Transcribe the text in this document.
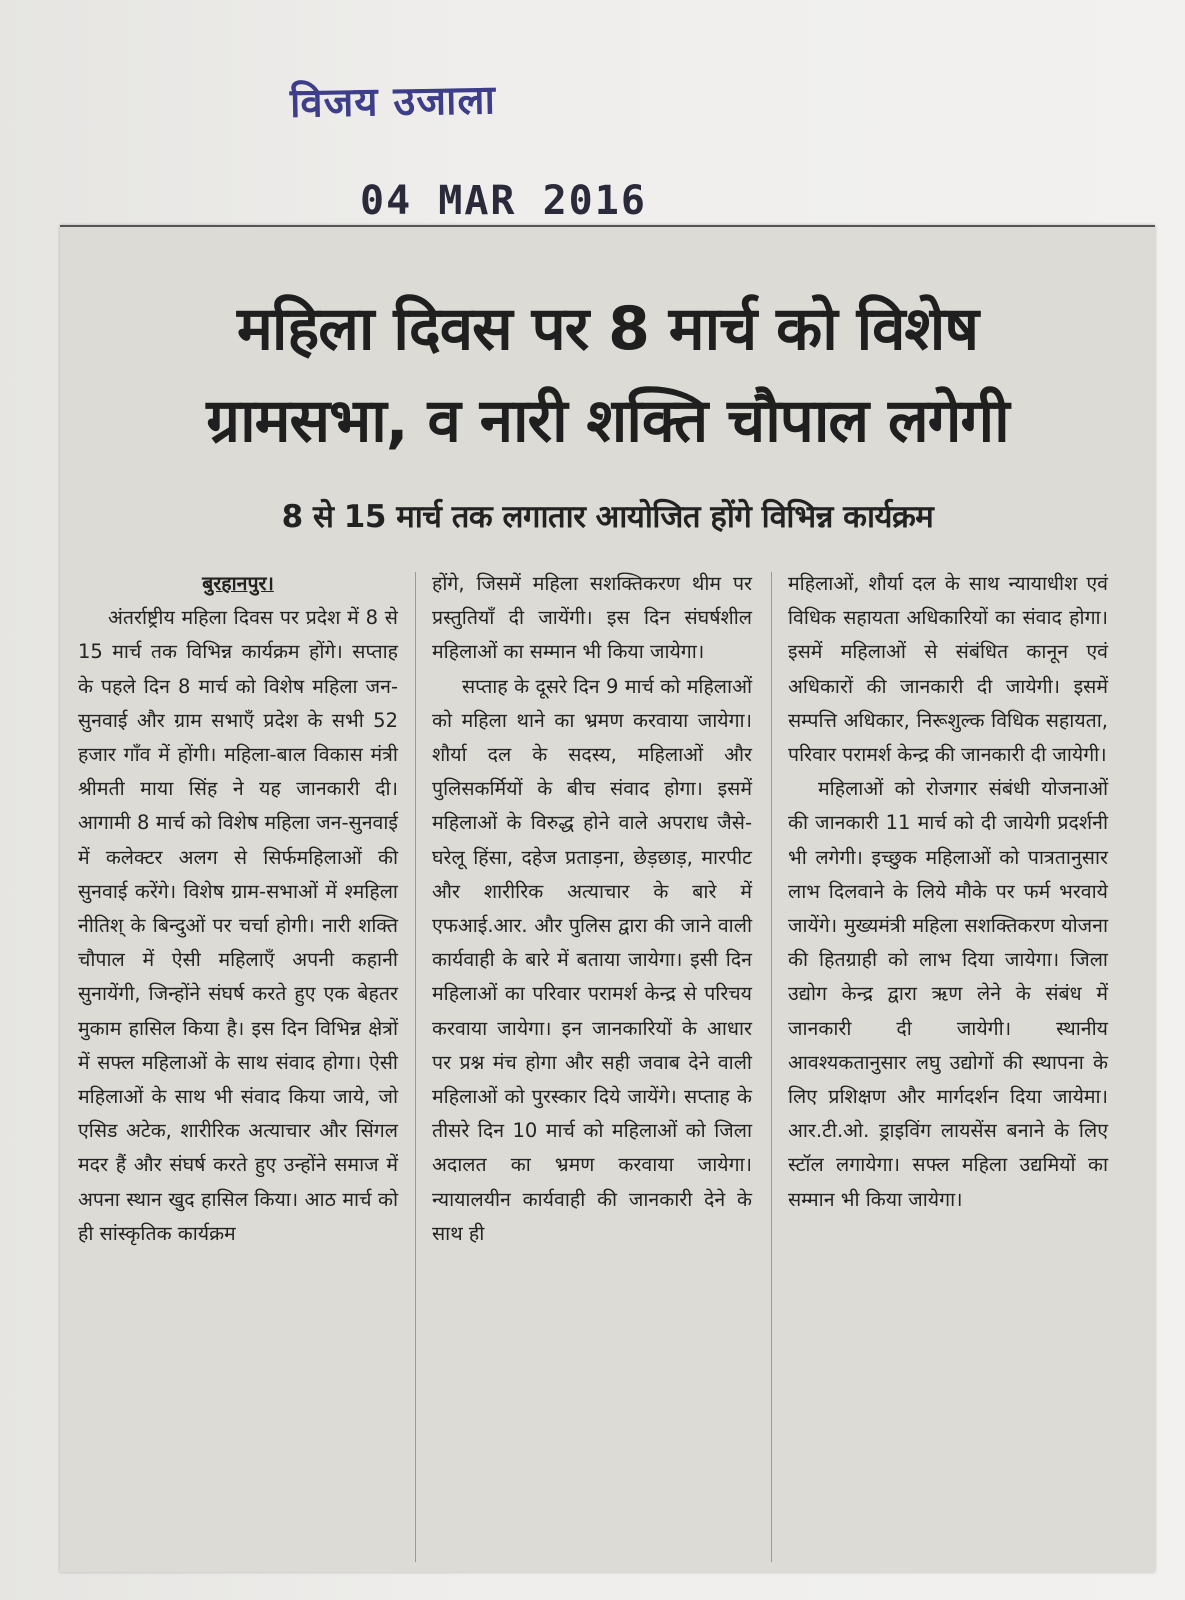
विजय उजाला
04 MAR 2016
महिला दिवस पर 8 मार्च को विशेष
ग्रामसभा, व नारी शक्ति चौपाल लगेगी
8 से 15 मार्च तक लगातार आयोजित होंगे विभिन्न कार्यक्रम

बुरहानपुर।

अंतर्राष्ट्रीय महिला दिवस पर प्रदेश में 8 से 15 मार्च तक विभिन्न कार्यक्रम होंगे। सप्ताह के पहले दिन 8 मार्च को विशेष महिला जन-सुनवाई और ग्राम सभाएँ प्रदेश के सभी 52 हजार गाँव में होंगी। महिला-बाल विकास मंत्री श्रीमती माया सिंह ने यह जानकारी दी। आगामी 8 मार्च को विशेष महिला जन-सुनवाई में कलेक्टर अलग से सिर्फमहिलाओं की सुनवाई करेंगे। विशेष ग्राम-सभाओं में श्महिला नीतिश् के बिन्दुओं पर चर्चा होगी। नारी शक्ति चौपाल में ऐसी महिलाएँ अपनी कहानी सुनायेंगी, जिन्होंने संघर्ष करते हुए एक बेहतर मुकाम हासिल किया है। इस दिन विभिन्न क्षेत्रों में सफ्ल महिलाओं के साथ संवाद होगा। ऐसी महिलाओं के साथ भी संवाद किया जाये, जो एसिड अटेक, शारीरिक अत्याचार और सिंगल मदर हैं और संघर्ष करते हुए उन्होंने समाज में अपना स्थान खुद हासिल किया। आठ मार्च को ही सांस्कृतिक कार्यक्रम

होंगे, जिसमें महिला सशक्तिकरण थीम पर प्रस्तुतियाँ दी जायेंगी। इस दिन संघर्षशील महिलाओं का सम्मान भी किया जायेगा।

सप्ताह के दूसरे दिन 9 मार्च को महिलाओं को महिला थाने का भ्रमण करवाया जायेगा। शौर्या दल के सदस्य, महिलाओं और पुलिसकर्मियों के बीच संवाद होगा। इसमें महिलाओं के विरुद्ध होने वाले अपराध जैसे- घरेलू हिंसा, दहेज प्रताड़ना, छेड़छाड़, मारपीट और शारीरिक अत्याचार के बारे में एफआई.आर. और पुलिस द्वारा की जाने वाली कार्यवाही के बारे में बताया जायेगा। इसी दिन महिलाओं का परिवार परामर्श केन्द्र से परिचय करवाया जायेगा। इन जानकारियों के आधार पर प्रश्न मंच होगा और सही जवाब देने वाली महिलाओं को पुरस्कार दिये जायेंगे। सप्ताह के तीसरे दिन 10 मार्च को महिलाओं को जिला अदालत का भ्रमण करवाया जायेगा। न्यायालयीन कार्यवाही की जानकारी देने के साथ ही

महिलाओं, शौर्या दल के साथ न्यायाधीश एवं विधिक सहायता अधिकारियों का संवाद होगा। इसमें महिलाओं से संबंधित कानून एवं अधिकारों की जानकारी दी जायेगी। इसमें सम्पत्ति अधिकार, निरूशुल्क विधिक सहायता, परिवार परामर्श केन्द्र की जानकारी दी जायेगी।

महिलाओं को रोजगार संबंधी योजनाओं की जानकारी 11 मार्च को दी जायेगी प्रदर्शनी भी लगेगी। इच्छुक महिलाओं को पात्रतानुसार लाभ दिलवाने के लिये मौके पर फर्म भरवाये जायेंगे। मुख्यमंत्री महिला सशक्तिकरण योजना की हितग्राही को लाभ दिया जायेगा। जिला उद्योग केन्द्र द्वारा ऋण लेने के संबंध में जानकारी दी जायेगी। स्थानीय आवश्यकतानुसार लघु उद्योगों की स्थापना के लिए प्रशिक्षण और मार्गदर्शन दिया जायेमा। आर.टी.ओ. ड्राइविंग लायसेंस बनाने के लिए स्टॉल लगायेगा। सफ्ल महिला उद्यमियों का सम्मान भी किया जायेगा।
